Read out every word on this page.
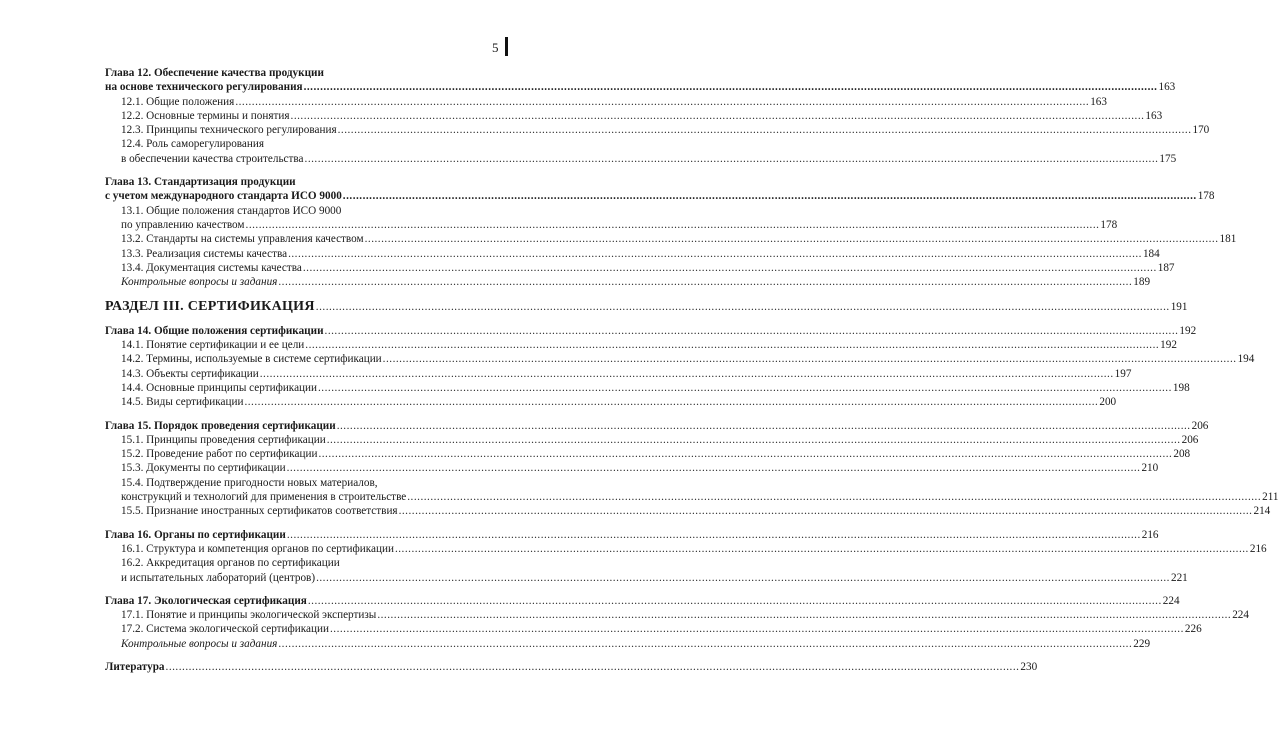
5
Глава 12. Обеспечение качества продукции
на основе технического регулирования .....	163
12.1. Общие положения .....	163
12.2. Основные термины и понятия .....	163
12.3. Принципы технического регулирования .....	170
12.4. Роль саморегулирования
в обеспечении качества строительства .....	175
Глава 13. Стандартизация продукции
с учетом международного стандарта ИСО 9000 .....	178
13.1. Общие положения стандартов ИСО 9000
по управлению качеством .....	178
13.2. Стандарты на системы управления качеством .....	181
13.3. Реализация системы качества .....	184
13.4. Документация системы качества .....	187
Контрольные вопросы и задания .....	189
РАЗДЕЛ III. СЕРТИФИКАЦИЯ .....	191
Глава 14. Общие положения сертификации .....	192
14.1. Понятие сертификации и ее цели .....	192
14.2. Термины, используемые в системе сертификации .....	194
14.3. Объекты сертификации .....	197
14.4. Основные принципы сертификации .....	198
14.5. Виды сертификации .....	200
Глава 15. Порядок проведения сертификации .....	206
15.1. Принципы проведения сертификации .....	206
15.2. Проведение работ по сертификации .....	208
15.3. Документы по сертификации .....	210
15.4. Подтверждение пригодности новых материалов,
конструкций и технологий для применения в строительстве .....	211
15.5. Признание иностранных сертификатов соответствия .....	214
Глава 16. Органы по сертификации .....	216
16.1. Структура и компетенция органов по сертификации .....	216
16.2. Аккредитация органов по сертификации
и испытательных лабораторий (центров) .....	221
Глава 17. Экологическая сертификация .....	224
17.1. Понятие и принципы экологической экспертизы .....	224
17.2. Система экологической сертификации .....	226
Контрольные вопросы и задания .....	229
Литература .....	230
